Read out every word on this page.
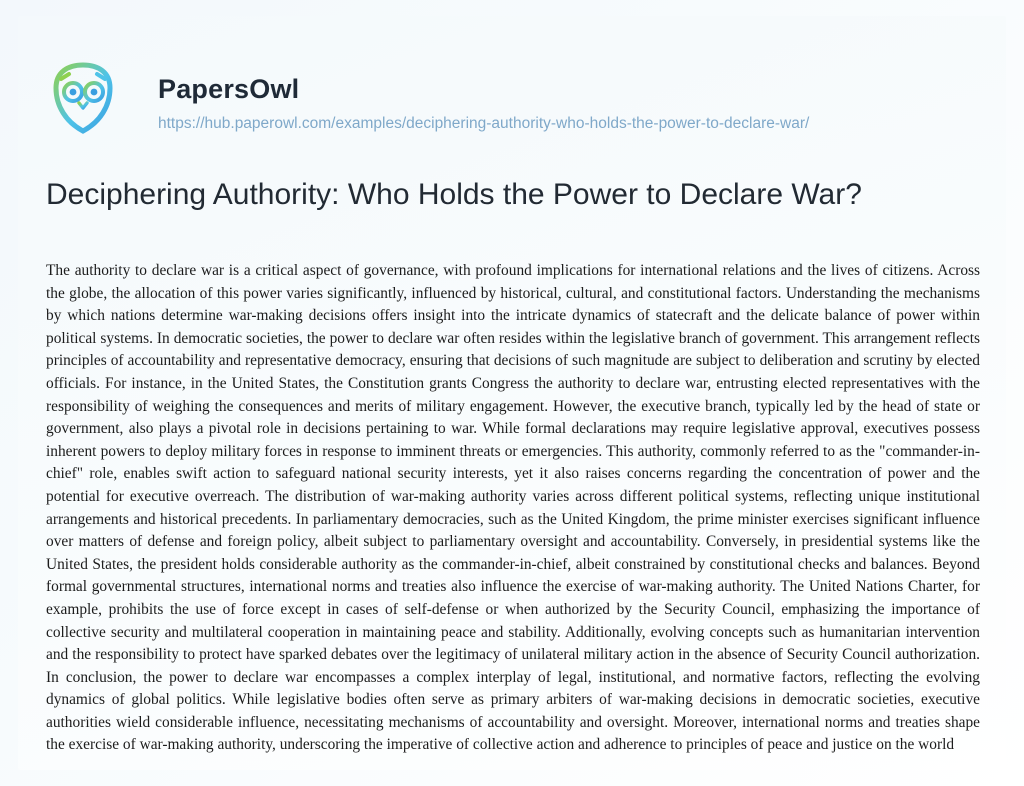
PapersOwl
https://hub.paperowl.com/examples/deciphering-authority-who-holds-the-power-to-declare-war/
Deciphering Authority: Who Holds the Power to Declare War?
The authority to declare war is a critical aspect of governance, with profound implications for international relations and the lives of citizens. Across the globe, the allocation of this power varies significantly, influenced by historical, cultural, and constitutional factors. Understanding the mechanisms by which nations determine war-making decisions offers insight into the intricate dynamics of statecraft and the delicate balance of power within political systems. In democratic societies, the power to declare war often resides within the legislative branch of government. This arrangement reflects principles of accountability and representative democracy, ensuring that decisions of such magnitude are subject to deliberation and scrutiny by elected officials. For instance, in the United States, the Constitution grants Congress the authority to declare war, entrusting elected representatives with the responsibility of weighing the consequences and merits of military engagement. However, the executive branch, typically led by the head of state or government, also plays a pivotal role in decisions pertaining to war. While formal declarations may require legislative approval, executives possess inherent powers to deploy military forces in response to imminent threats or emergencies. This authority, commonly referred to as the "commander-in-chief" role, enables swift action to safeguard national security interests, yet it also raises concerns regarding the concentration of power and the potential for executive overreach. The distribution of war-making authority varies across different political systems, reflecting unique institutional arrangements and historical precedents. In parliamentary democracies, such as the United Kingdom, the prime minister exercises significant influence over matters of defense and foreign policy, albeit subject to parliamentary oversight and accountability. Conversely, in presidential systems like the United States, the president holds considerable authority as the commander-in-chief, albeit constrained by constitutional checks and balances. Beyond formal governmental structures, international norms and treaties also influence the exercise of war-making authority. The United Nations Charter, for example, prohibits the use of force except in cases of self-defense or when authorized by the Security Council, emphasizing the importance of collective security and multilateral cooperation in maintaining peace and stability. Additionally, evolving concepts such as humanitarian intervention and the responsibility to protect have sparked debates over the legitimacy of unilateral military action in the absence of Security Council authorization. In conclusion, the power to declare war encompasses a complex interplay of legal, institutional, and normative factors, reflecting the evolving dynamics of global politics. While legislative bodies often serve as primary arbiters of war-making decisions in democratic societies, executive authorities wield considerable influence, necessitating mechanisms of accountability and oversight. Moreover, international norms and treaties shape the exercise of war-making authority, underscoring the imperative of collective action and adherence to principles of peace and justice on the world
